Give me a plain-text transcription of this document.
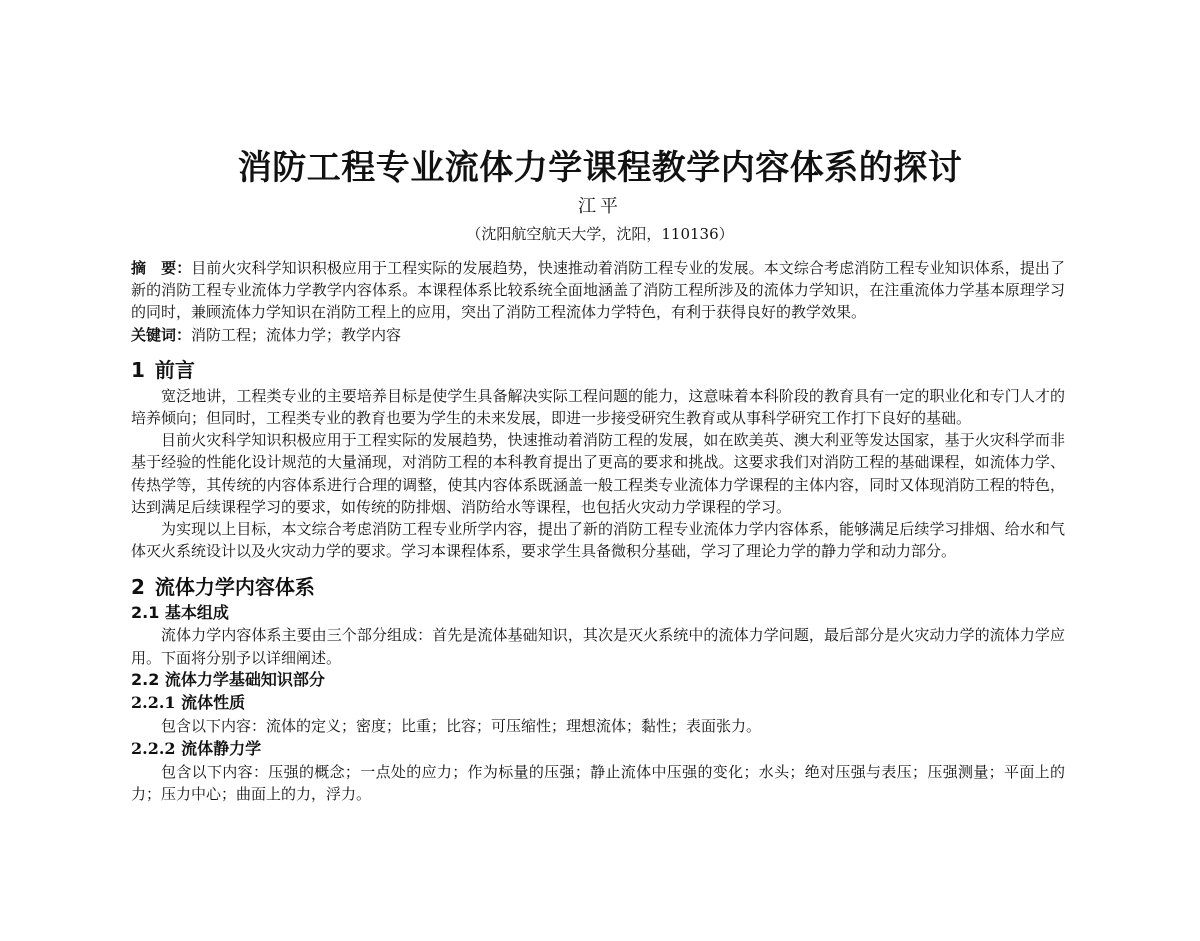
消防工程专业流体力学课程教学内容体系的探讨

江平

（沈阳航空航天大学，沈阳，110136）

摘　要：目前火灾科学知识积极应用于工程实际的发展趋势，快速推动着消防工程专业的发展。本文综合考虑消防工程专业知识体系，提出了新的消防工程专业流体力学教学内容体系。本课程体系比较系统全面地涵盖了消防工程所涉及的流体力学知识，在注重流体力学基本原理学习的同时，兼顾流体力学知识在消防工程上的应用，突出了消防工程流体力学特色，有利于获得良好的教学效果。

关键词：消防工程；流体力学；教学内容

1 前言

宽泛地讲，工程类专业的主要培养目标是使学生具备解决实际工程问题的能力，这意味着本科阶段的教育具有一定的职业化和专门人才的培养倾向；但同时，工程类专业的教育也要为学生的未来发展，即进一步接受研究生教育或从事科学研究工作打下良好的基础。

目前火灾科学知识积极应用于工程实际的发展趋势，快速推动着消防工程的发展，如在欧美英、澳大利亚等发达国家，基于火灾科学而非基于经验的性能化设计规范的大量涌现，对消防工程的本科教育提出了更高的要求和挑战。这要求我们对消防工程的基础课程，如流体力学、传热学等，其传统的内容体系进行合理的调整，使其内容体系既涵盖一般工程类专业流体力学课程的主体内容，同时又体现消防工程的特色，达到满足后续课程学习的要求，如传统的防排烟、消防给水等课程，也包括火灾动力学课程的学习。

为实现以上目标，本文综合考虑消防工程专业所学内容，提出了新的消防工程专业流体力学内容体系，能够满足后续学习排烟、给水和气体灭火系统设计以及火灾动力学的要求。学习本课程体系，要求学生具备微积分基础，学习了理论力学的静力学和动力部分。

2 流体力学内容体系
2.1 基本组成

流体力学内容体系主要由三个部分组成：首先是流体基础知识，其次是灭火系统中的流体力学问题，最后部分是火灾动力学的流体力学应用。下面将分别予以详细阐述。

2.2 流体力学基础知识部分
2.2.1 流体性质

包含以下内容：流体的定义；密度；比重；比容；可压缩性；理想流体；黏性；表面张力。

2.2.2 流体静力学

包含以下内容：压强的概念；一点处的应力；作为标量的压强；静止流体中压强的变化；水头；绝对压强与表压；压强测量；平面上的力；压力中心；曲面上的力，浮力。
